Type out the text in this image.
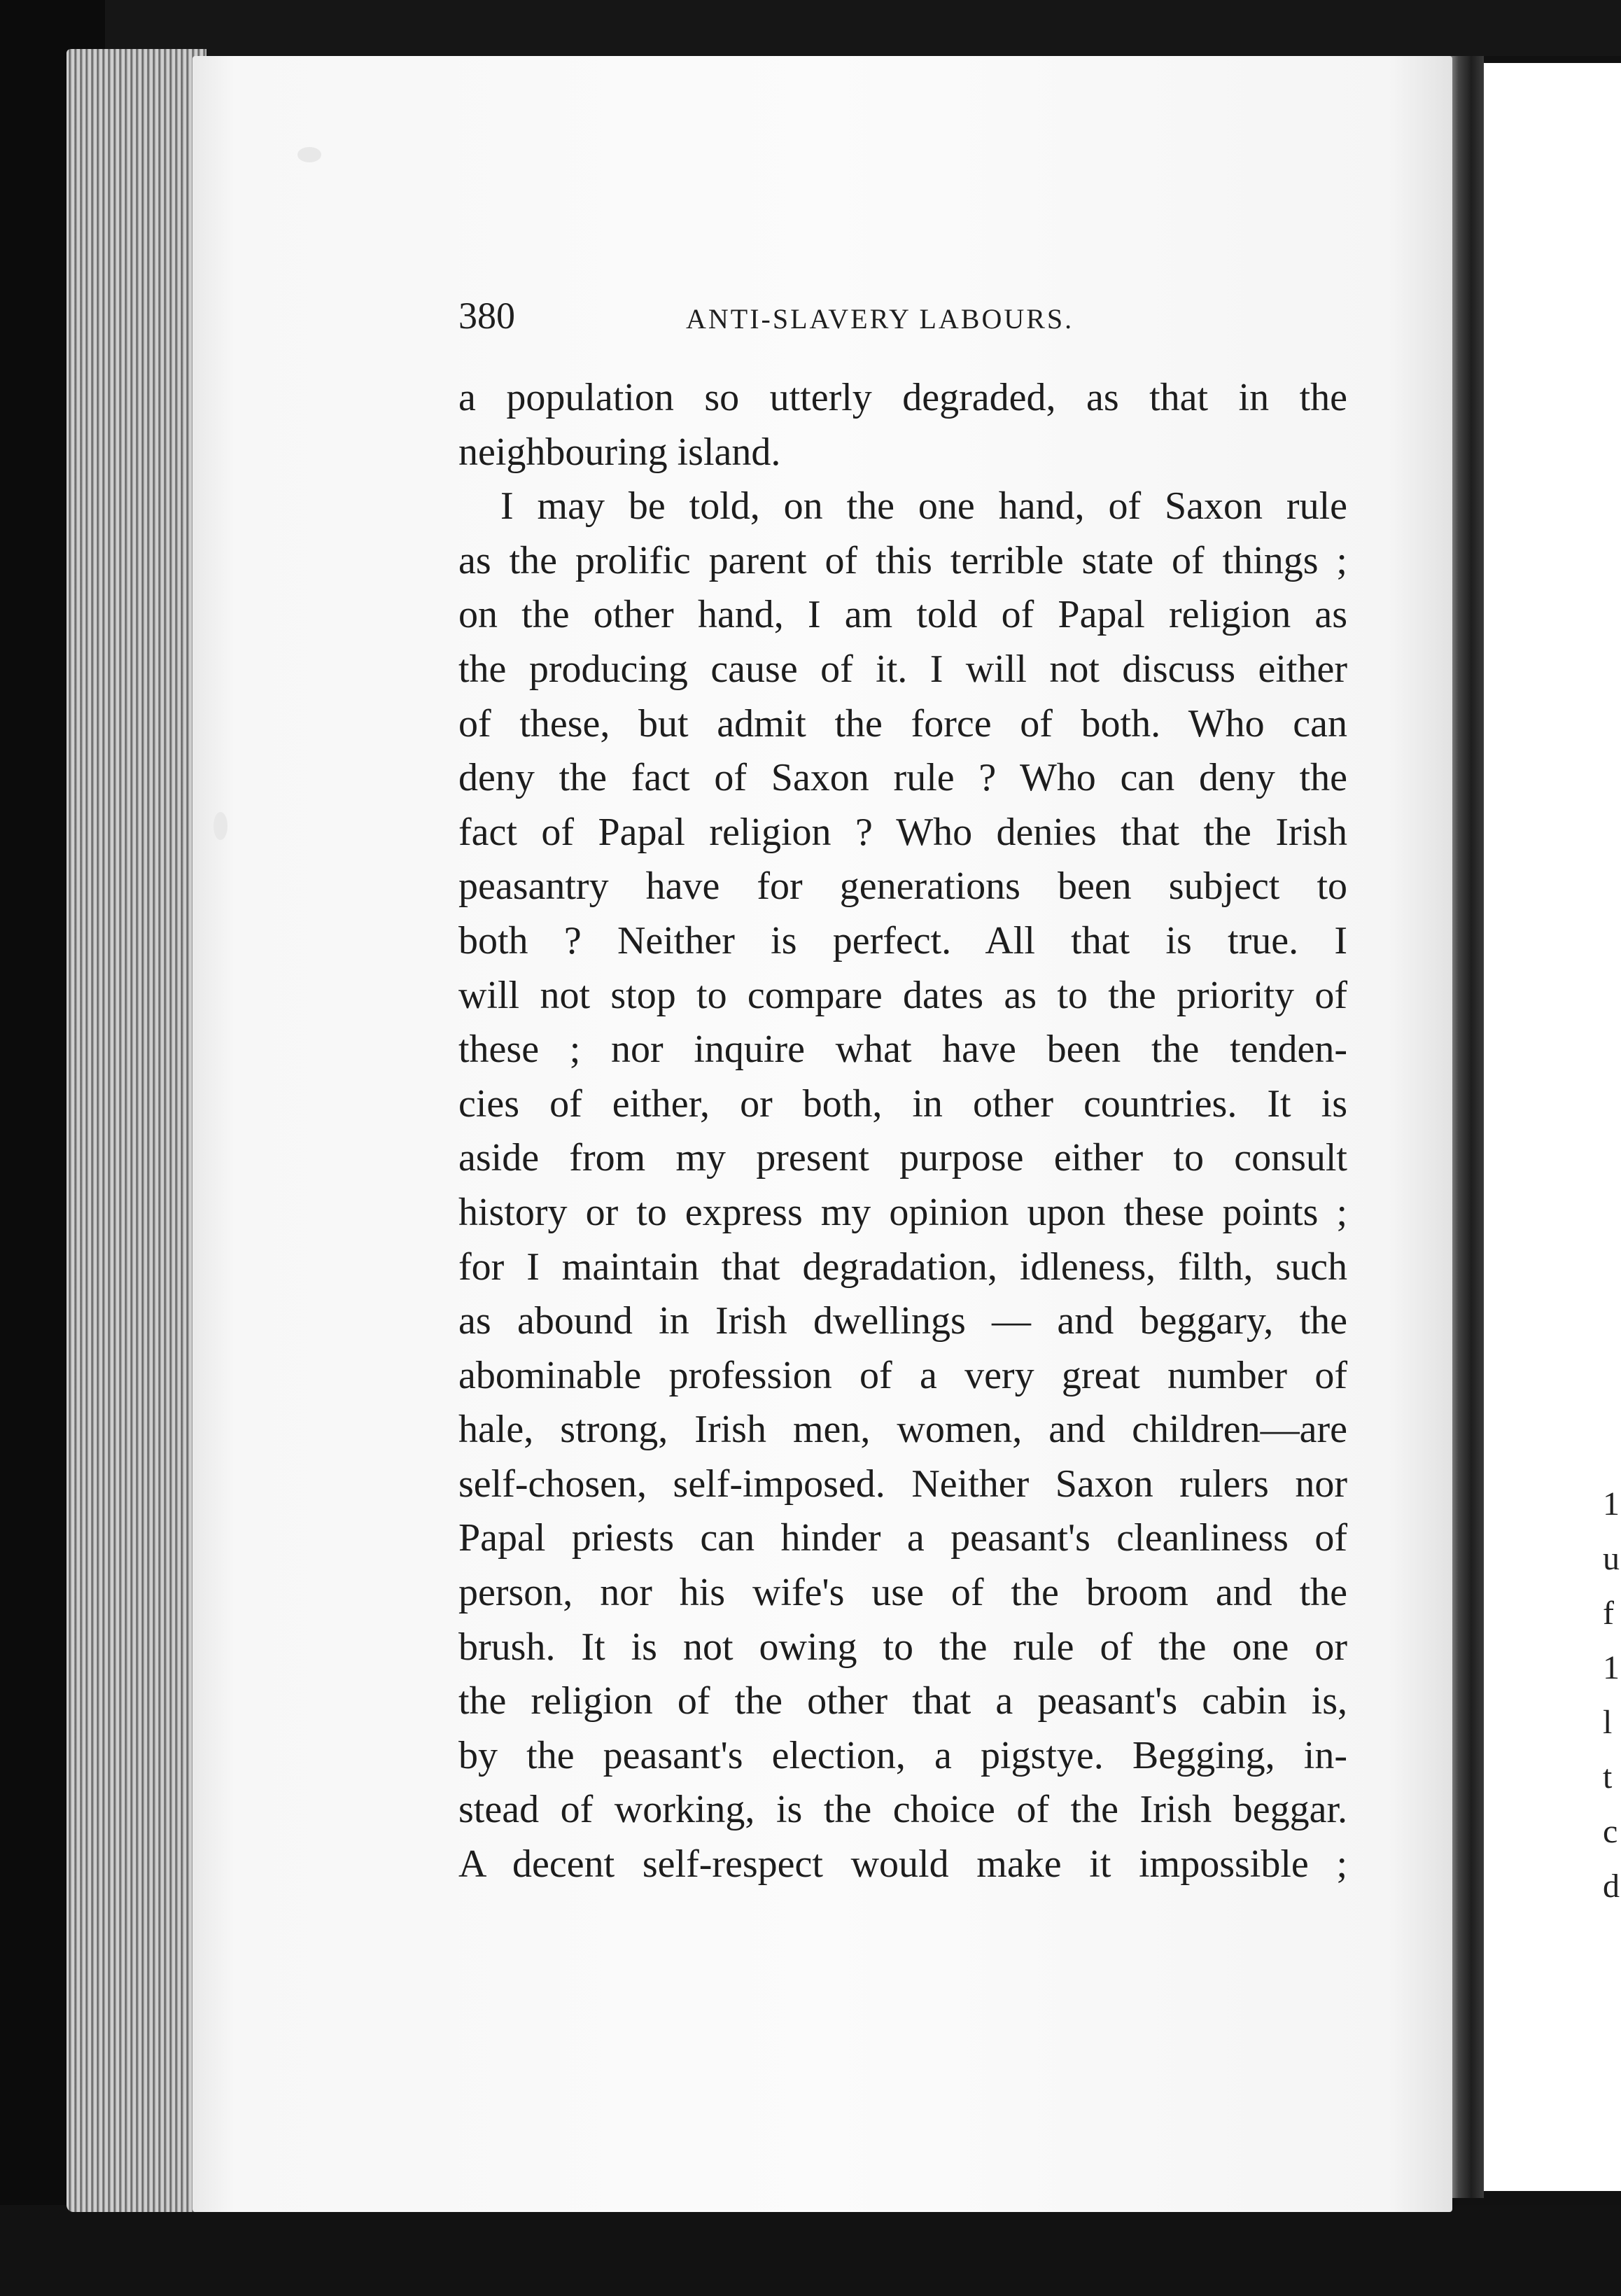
1
u
f
1
l
t
c
d
380	ANTI-SLAVERY LABOURS.
a population so utterly degraded, as that in the
neighbouring island.
I may be told, on the one hand, of Saxon rule
as the prolific parent of this terrible state of things ;
on the other hand, I am told of Papal religion as
the producing cause of it. I will not discuss either
of these, but admit the force of both. Who can
deny the fact of Saxon rule ? Who can deny the
fact of Papal religion ? Who denies that the Irish
peasantry have for generations been subject to
both ? Neither is perfect. All that is true. I
will not stop to compare dates as to the priority of
these ; nor inquire what have been the tenden-
cies of either, or both, in other countries. It is
aside from my present purpose either to consult
history or to express my opinion upon these points ;
for I maintain that degradation, idleness, filth, such
as abound in Irish dwellings — and beggary, the
abominable profession of a very great number of
hale, strong, Irish men, women, and children—are
self-chosen, self-imposed. Neither Saxon rulers nor
Papal priests can hinder a peasant's cleanliness of
person, nor his wife's use of the broom and the
brush. It is not owing to the rule of the one or
the religion of the other that a peasant's cabin is,
by the peasant's election, a pigstye. Begging, in-
stead of working, is the choice of the Irish beggar.
A decent self-respect would make it impossible ;
